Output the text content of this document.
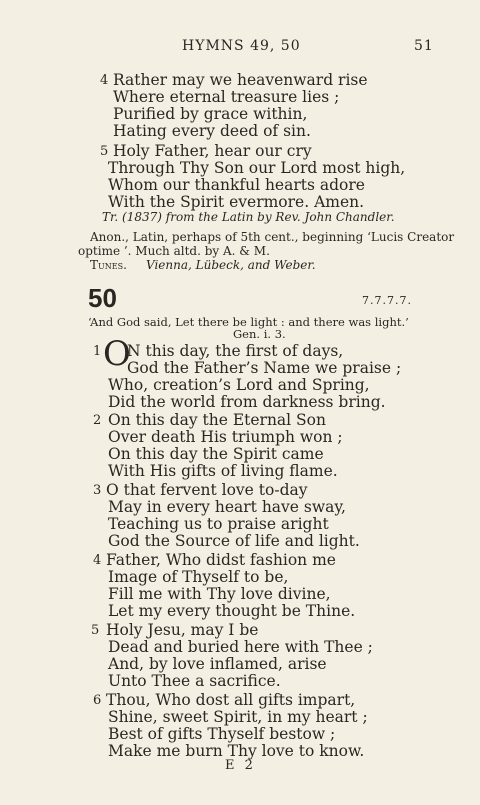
HYMNS 49, 50	51
4 Rather may we heavenward rise
Where eternal treasure lies ;
Purified by grace within,
Hating every deed of sin.
5 Holy Father, hear our cry
Through Thy Son our Lord most high,
Whom our thankful hearts adore
With the Spirit evermore. Amen.
Tr. (1837) from the Latin by Rev. John Chandler.
Anon., Latin, perhaps of 5th cent., beginning ‘Lucis Creator
optime ’. Much altd. by A. & M.
Tunes. Vienna, Lübeck, and Weber.
50	7.7.7.7.
‘And God said, Let there be light : and there was light.’
Gen. i. 3.
1 O
N this day, the first of days,
God the Father’s Name we praise ;
Who, creation’s Lord and Spring,
Did the world from darkness bring.
2 On this day the Eternal Son
Over death His triumph won ;
On this day the Spirit came
With His gifts of living flame.
3 O that fervent love to-day
May in every heart have sway,
Teaching us to praise aright
God the Source of life and light.
4 Father, Who didst fashion me
Image of Thyself to be,
Fill me with Thy love divine,
Let my every thought be Thine.
5 Holy Jesu, may I be
Dead and buried here with Thee ;
And, by love inflamed, arise
Unto Thee a sacrifice.
6 Thou, Who dost all gifts impart,
Shine, sweet Spirit, in my heart ;
Best of gifts Thyself bestow ;
Make me burn Thy love to know.
E 2
